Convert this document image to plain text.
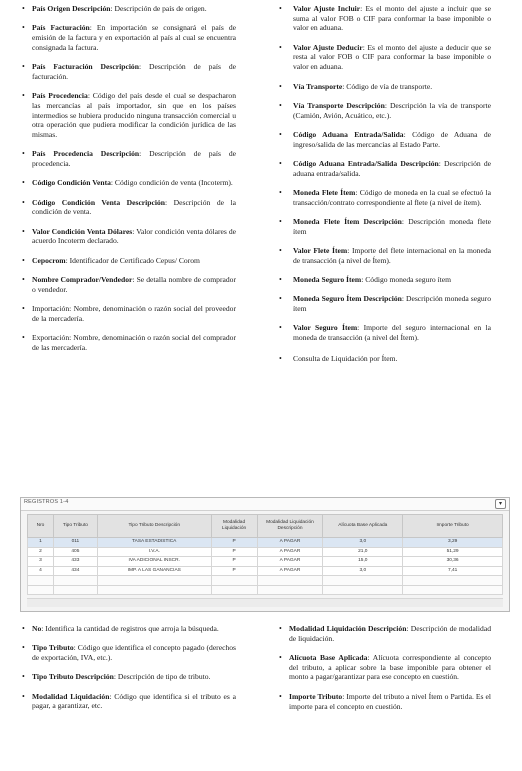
• País Origen Descripción: Descripción de país de origen.

• País Facturación: En importación se consignará el país de emisión de la factura y en exportación al país al cual se encuentra consignada la factura.

• País Facturación Descripción: Descripción de país de facturación.

• País Procedencia: Código del país desde el cual se despacharon las mercancías al país importador, sin que en los países intermedios se hubiera producido ninguna transacción comercial u otra operación que pudiera modificar la condición jurídica de las mismas.

• País Procedencia Descripción: Descripción de país de procedencia.

• Código Condición Venta: Código condición de venta (Incoterm).

• Código Condición Venta Descripción: Descripción de la condición de venta.

• Valor Condición Venta Dólares: Valor condición venta dólares de acuerdo Incoterm declarado.

• Cepocrom: Identificador de Certificado Cepus/ Corom

• Nombre Comprador/Vendedor: Se detalla nombre de comprador o vendedor.

• Importación: Nombre, denominación o razón social del proveedor de la mercadería.

• Exportación: Nombre, denominación o razón social del comprador de las mercadería.

• Valor Ajuste Incluir: Es el monto del ajuste a incluir que se suma al valor FOB o CIF para conformar la base imponible o valor en aduana.

• Valor Ajuste Deducir: Es el monto del ajuste a deducir que se resta al valor FOB o CIF para conformar la base imponible o valor en aduana.

• Vía Transporte: Código de vía de transporte.

• Vía Transporte Descripción: Descripción la vía de transporte (Camión, Avión, Acuático, etc.).

• Código Aduana Entrada/Salida: Código de Aduana de ingreso/salida de las mercancías al Estado Parte.

• Código Aduana Entrada/Salida Descripción: Descripción de aduana entrada/salida.

• Moneda Flete Ítem: Código de moneda en la cual se efectuó la transacción/contrato correspondiente al flete (a nivel de ítem).

• Moneda Flete Ítem Descripción: Descripción moneda flete ítem

• Valor Flete Ítem: Importe del flete internacional en la moneda de transacción (a nivel de Ítem).

• Moneda Seguro Ítem: Código moneda seguro ítem

• Moneda Seguro Ítem Descripción: Descripción moneda seguro ítem

• Valor Seguro Ítem: Importe del seguro internacional en la moneda de transacción (a nivel del Ítem).

• Consulta de Liquidación por Ítem.

REGISTROS 1-4	▾
Nro	Tipo Tributo	Tipo Tributo Descripción	Modalidad Liquidación	Modalidad Liquidación Descripción	Alícuota Base Aplicada	Importe Tributo
1	011	TASA ESTADISTICA	P	A PAGAR	3,0	3,29
2	405	I.V.A.	P	A PAGAR	21,0	51,29
3	433	IVA ADICIONAL INSCR.	P	A PAGAR	15,0	30,36
4	434	IMP. A LAS GANANCIAS	P	A PAGAR	3,0	7,41

• No: Identifica la cantidad de registros que arroja la búsqueda.

• Tipo Tributo: Código que identifica el concepto pagado (derechos de exportación, IVA, etc.).

• Tipo Tributo Descripción: Descripción de tipo de tributo.

• Modalidad Liquidación: Código que identifica si el tributo es a pagar, a garantizar, etc.

• Modalidad Liquidación Descripción: Descripción de modalidad de liquidación.

• Alícuota Base Aplicada: Alícuota correspondiente al concepto del tributo, a aplicar sobre la base imponible para obtener el monto a pagar/garantizar para ese concepto en cuestión.

• Importe Tributo: Importe del tributo a nivel Ítem o Partida. Es el importe para el concepto en cuestión.
